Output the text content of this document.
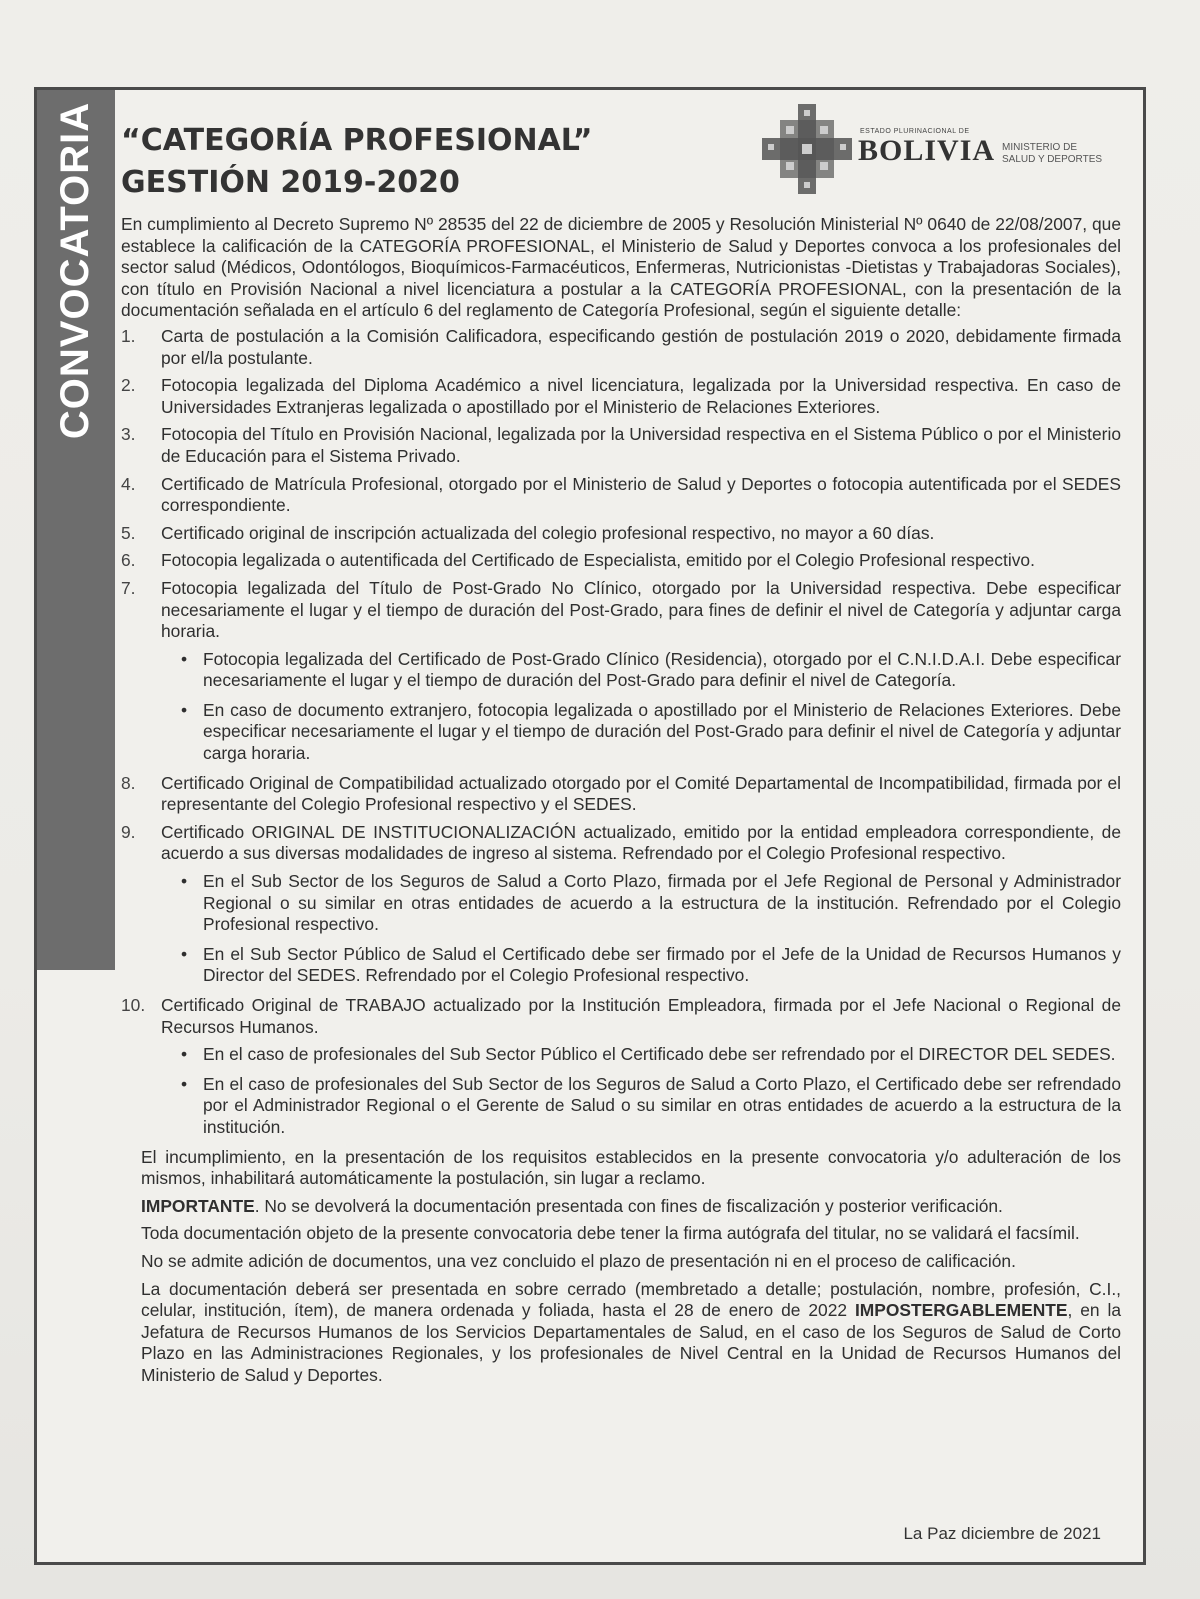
CONVOCATORIA “CATEGORÍA PROFESIONAL”
GESTIÓN 2019-2020
ESTADO PLURINACIONAL DE
BOLIVIA MINISTERIO DE
SALUD Y DEPORTES

En cumplimiento al Decreto Supremo Nº 28535 del 22 de diciembre de 2005 y Resolución Ministerial Nº 0640 de 22/08/2007, que establece la calificación de la CATEGORÍA PROFESIONAL, el Ministerio de Salud y Deportes convoca a los profesionales del sector salud (Médicos, Odontólogos, Bioquímicos-Farmacéuticos, Enfermeras, Nutricionistas -Dietistas y Trabajadoras Sociales), con título en Provisión Nacional a nivel licenciatura a postular a la CATEGORÍA PROFESIONAL, con la presentación de la documentación señalada en el artículo 6 del reglamento de Categoría Profesional, según el siguiente detalle:

1.	Carta de postulación a la Comisión Calificadora, especificando gestión de postulación 2019 o 2020, debidamente firmada por el/la postulante.
2.	Fotocopia legalizada del Diploma Académico a nivel licenciatura, legalizada por la Universidad respectiva. En caso de Universidades Extranjeras legalizada o apostillado por el Ministerio de Relaciones Exteriores.
3.	Fotocopia del Título en Provisión Nacional, legalizada por la Universidad respectiva en el Sistema Público o por el Ministerio de Educación para el Sistema Privado.
4.	Certificado de Matrícula Profesional, otorgado por el Ministerio de Salud y Deportes o fotocopia autentificada por el SEDES correspondiente.
5.	Certificado original de inscripción actualizada del colegio profesional respectivo, no mayor a 60 días.
6.	Fotocopia legalizada o autentificada del Certificado de Especialista, emitido por el Colegio Profesional respectivo.
7.	Fotocopia legalizada del Título de Post-Grado No Clínico, otorgado por la Universidad respectiva. Debe especificar necesariamente el lugar y el tiempo de duración del Post-Grado, para fines de definir el nivel de Categoría y adjuntar carga horaria.
• Fotocopia legalizada del Certificado de Post-Grado Clínico (Residencia), otorgado por el C.N.I.D.A.I. Debe especificar necesariamente el lugar y el tiempo de duración del Post-Grado para definir el nivel de Categoría.
• En caso de documento extranjero, fotocopia legalizada o apostillado por el Ministerio de Relaciones Exteriores. Debe especificar necesariamente el lugar y el tiempo de duración del Post-Grado para definir el nivel de Categoría y adjuntar carga horaria.
8.	Certificado Original de Compatibilidad actualizado otorgado por el Comité Departamental de Incompatibilidad, firmada por el representante del Colegio Profesional respectivo y el SEDES.
9.	Certificado ORIGINAL DE INSTITUCIONALIZACIÓN actualizado, emitido por la entidad empleadora correspondiente, de acuerdo a sus diversas modalidades de ingreso al sistema. Refrendado por el Colegio Profesional respectivo.
• En el Sub Sector de los Seguros de Salud a Corto Plazo, firmada por el Jefe Regional de Personal y Administrador Regional o su similar en otras entidades de acuerdo a la estructura de la institución. Refrendado por el Colegio Profesional respectivo.
• En el Sub Sector Público de Salud el Certificado debe ser firmado por el Jefe de la Unidad de Recursos Humanos y Director del SEDES. Refrendado por el Colegio Profesional respectivo.
10. Certificado Original de TRABAJO actualizado por la Institución Empleadora, firmada por el Jefe Nacional o Regional de Recursos Humanos.
• En el caso de profesionales del Sub Sector Público el Certificado debe ser refrendado por el DIRECTOR DEL SEDES.
• En el caso de profesionales del Sub Sector de los Seguros de Salud a Corto Plazo, el Certificado debe ser refrendado por el Administrador Regional o el Gerente de Salud o su similar en otras entidades de acuerdo a la estructura de la institución.

El incumplimiento, en la presentación de los requisitos establecidos en la presente convocatoria y/o adulteración de los mismos, inhabilitará automáticamente la postulación, sin lugar a reclamo.

IMPORTANTE. No se devolverá la documentación presentada con fines de fiscalización y posterior verificación.

Toda documentación objeto de la presente convocatoria debe tener la firma autógrafa del titular, no se validará el facsímil.

No se admite adición de documentos, una vez concluido el plazo de presentación ni en el proceso de calificación.

La documentación deberá ser presentada en sobre cerrado (membretado a detalle; postulación, nombre, profesión, C.I., celular, institución, ítem), de manera ordenada y foliada, hasta el 28 de enero de 2022 IMPOSTERGABLEMENTE, en la Jefatura de Recursos Humanos de los Servicios Departamentales de Salud, en el caso de los Seguros de Salud de Corto Plazo en las Administraciones Regionales, y los profesionales de Nivel Central en la Unidad de Recursos Humanos del Ministerio de Salud y Deportes.

La Paz diciembre de 2021
